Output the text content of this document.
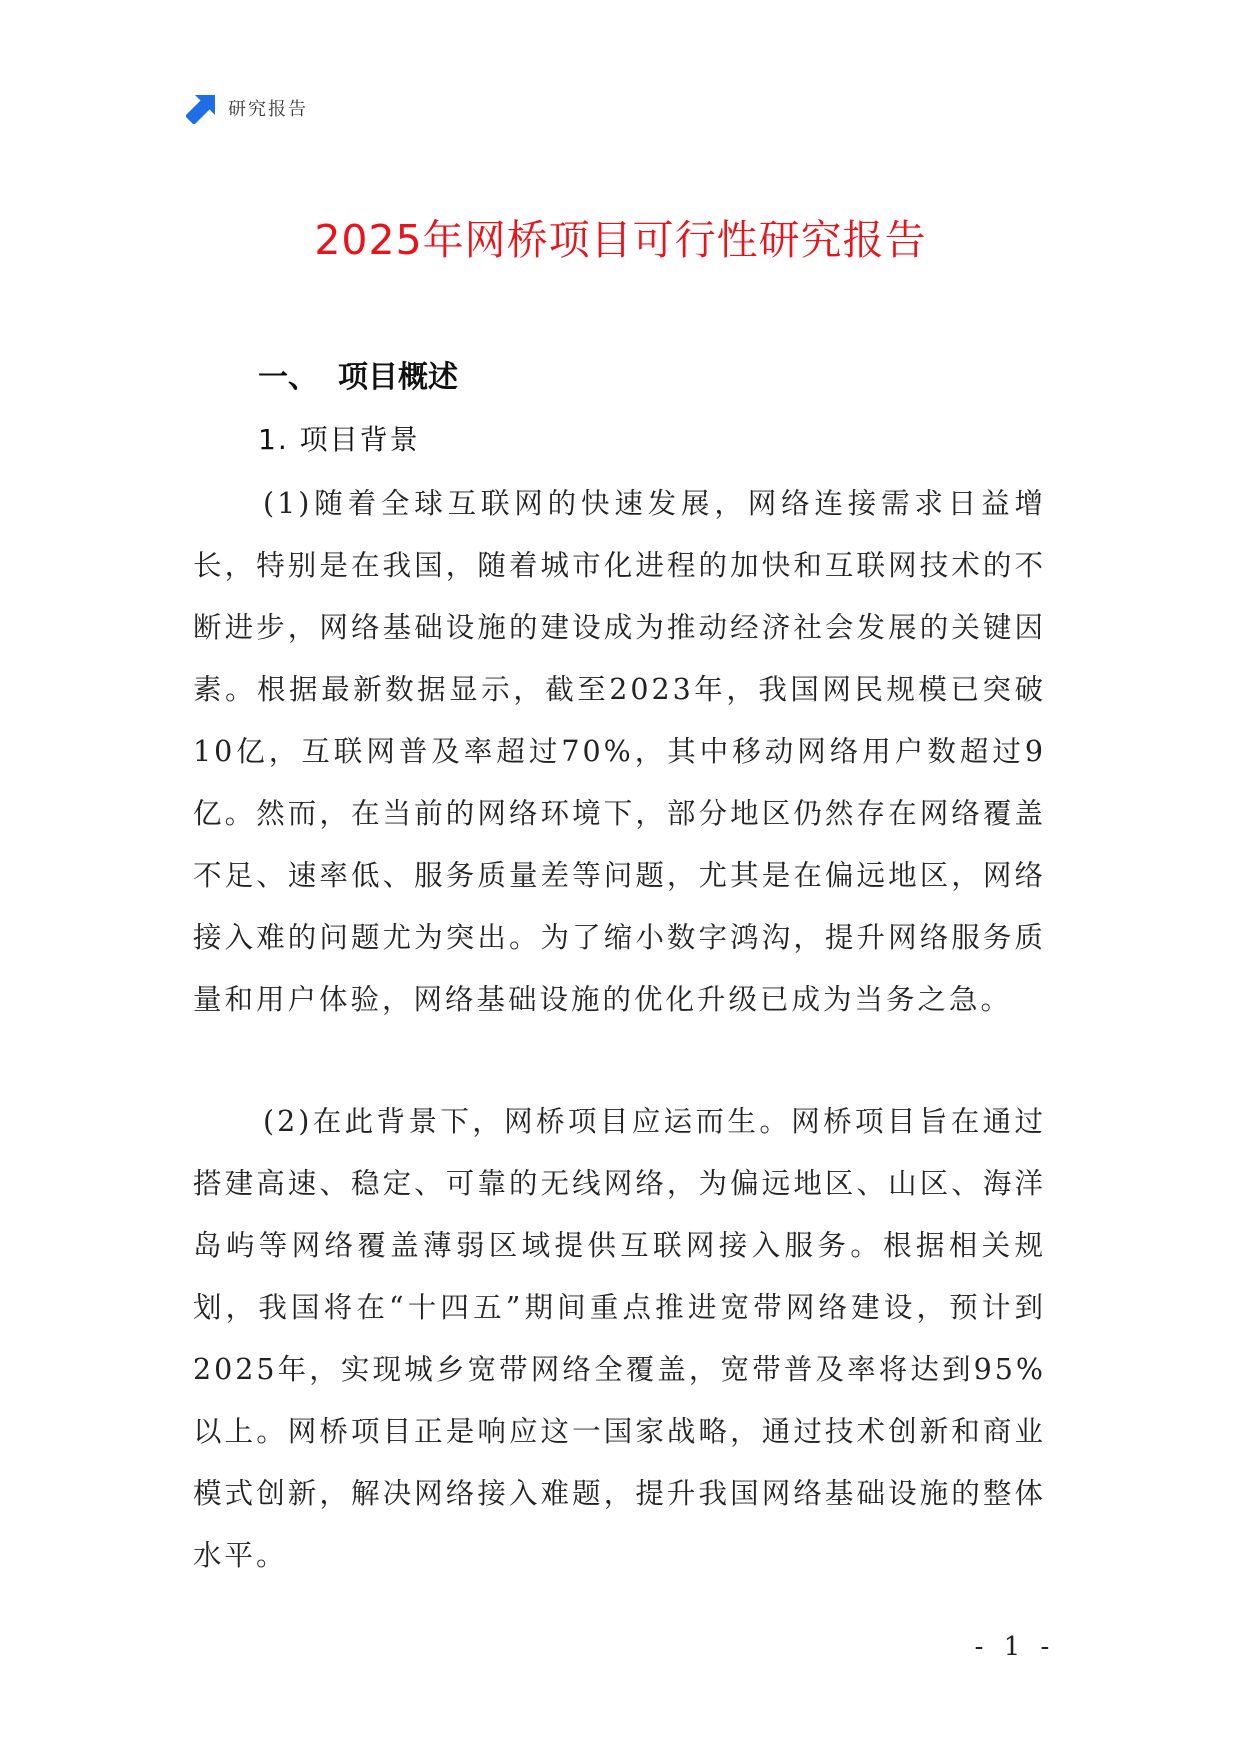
研究报告
2025年网桥项目可行性研究报告
一、 项目概述
1. 项目背景
(1)随着全球互联网的快速发展，网络连接需求日益增长，特别是在我国，随着城市化进程的加快和互联网技术的不断进步，网络基础设施的建设成为推动经济社会发展的关键因素。根据最新数据显示，截至2023年，我国网民规模已突破10亿，互联网普及率超过70%，其中移动网络用户数超过9亿。然而，在当前的网络环境下，部分地区仍然存在网络覆盖不足、速率低、服务质量差等问题，尤其是在偏远地区，网络接入难的问题尤为突出。为了缩小数字鸿沟，提升网络服务质量和用户体验，网络基础设施的优化升级已成为当务之急。
(2)在此背景下，网桥项目应运而生。网桥项目旨在通过搭建高速、稳定、可靠的无线网络，为偏远地区、山区、海洋岛屿等网络覆盖薄弱区域提供互联网接入服务。根据相关规划，我国将在“十四五”期间重点推进宽带网络建设，预计到2025年，实现城乡宽带网络全覆盖，宽带普及率将达到95%以上。网桥项目正是响应这一国家战略，通过技术创新和商业模式创新，解决网络接入难题，提升我国网络基础设施的整体水平。
- 1 -
